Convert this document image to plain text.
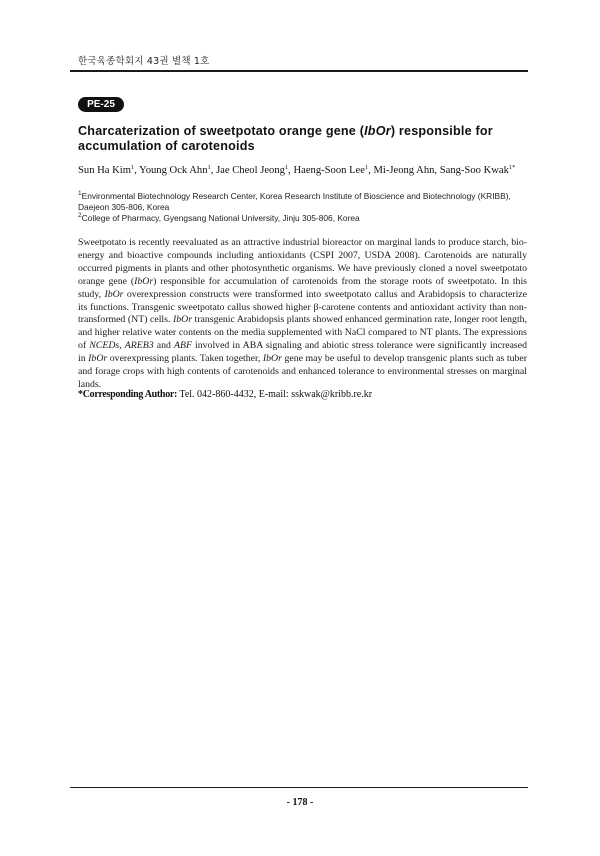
한국육종학회지 43권 별책 1호
PE-25
Charcaterization of sweetpotato orange gene (IbOr) responsible for accumulation of carotenoids
Sun Ha Kim$^1$, Young Ock Ahn$^1$, Jae Cheol Jeong$^1$, Haeng-Soon Lee$^1$, Mi-Jeong Ahn, Sang-Soo Kwak$^{1*}$
$^1$Environmental Biotechnology Research Center, Korea Research Institute of Bioscience and Biotechnology (KRIBB), Daejeon 305-806, Korea
$^2$College of Pharmacy, Gyengsang National University, Jinju 305-806, Korea
Sweetpotato is recently reevaluated as an attractive industrial bioreactor on marginal lands to produce starch, bio-energy and bioactive compounds including antioxidants (CSPI 2007, USDA 2008). Carotenoids are naturally occurred pigments in plants and other photosynthetic organisms. We have previously cloned a novel sweetpotato orange gene (IbOr) responsible for accumulation of carotenoids from the storage roots of sweetpotato. In this study, IbOr overexpression constructs were transformed into sweetpotato callus and Arabidopsis to characterize its functions. Transgenic sweetpotato callus showed higher β-carotene contents and antioxidant activity than non-transformed (NT) cells. IbOr transgenic Arabidopsis plants showed enhanced germination rate, longer root length, and higher relative water contents on the media supplemented with NaCl compared to NT plants. The expressions of NCEDs, AREB3 and ABF involved in ABA signaling and abiotic stress tolerance were significantly increased in IbOr overexpressing plants. Taken together, IbOr gene may be useful to develop transgenic plants such as tuber and forage crops with high contents of carotenoids and enhanced tolerance to environmental stresses on marginal lands.
*Corresponding Author: Tel. 042-860-4432, E-mail: sskwak@kribb.re.kr
- 178 -
